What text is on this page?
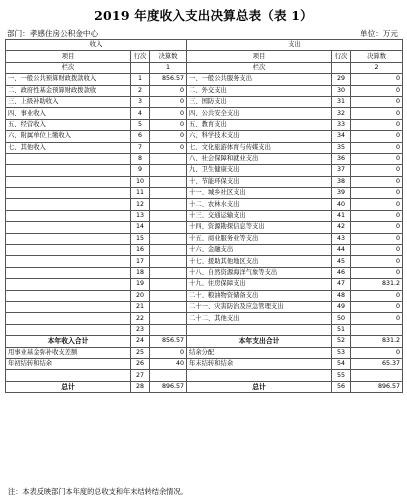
2019 年度收入支出决算总表（表 1）
部门：孝感住房公积金中心	单位：万元
收入			支出		
项目	行次	决算数	项目	行次	决算数
栏次		1	栏次		2
一、一般公共预算财政拨款收入	1	856.57	一、一般公共服务支出	29	0
二、政府性基金预算财政拨款收	2	0	二、外交支出	30	0
三、上级补助收入	3	0	三、国防支出	31	0
四、事业收入	4	0	四、公共安全支出	32	0
五、经营收入	5	0	五、教育支出	33	0
六、附属单位上缴收入	6	0	六、科学技术支出	34	0
七、其他收入	7	0	七、文化旅游体育与传媒支出	35	0
	8		八、社会保障和就业支出	36	0
	9		九、卫生健康支出	37	0
	10		十、节能环保支出	38	0
	11		十一、城乡社区支出	39	0
	12		十二、农林水支出	40	0
	13		十三、交通运输支出	41	0
	14		十四、资源勘探信息等支出	42	0
	15		十五、商业服务业等支出	43	0
	16		十六、金融支出	44	0
	17		十七、援助其他地区支出	45	0
	18		十八、自然资源海洋气象等支出	46	0
	19		十九、住房保障支出	47	831.2
	20		二十、粮油物资储备支出	48	0
	21		二十一、灾害防治及应急管理支出	49	0
	22		二十二、其他支出	50	0
	23			51	
本年收入合计	24	856.57	本年支出合计	52	831.2
用事业基金弥补收支差额	25	0	结余分配	53	0
年初结转和结余	26	40	年末结转和结余	54	65.37
	27			55	
总计	28	896.57	总计	56	896.57
注：本表反映部门本年度的总收支和年末结转结余情况。
